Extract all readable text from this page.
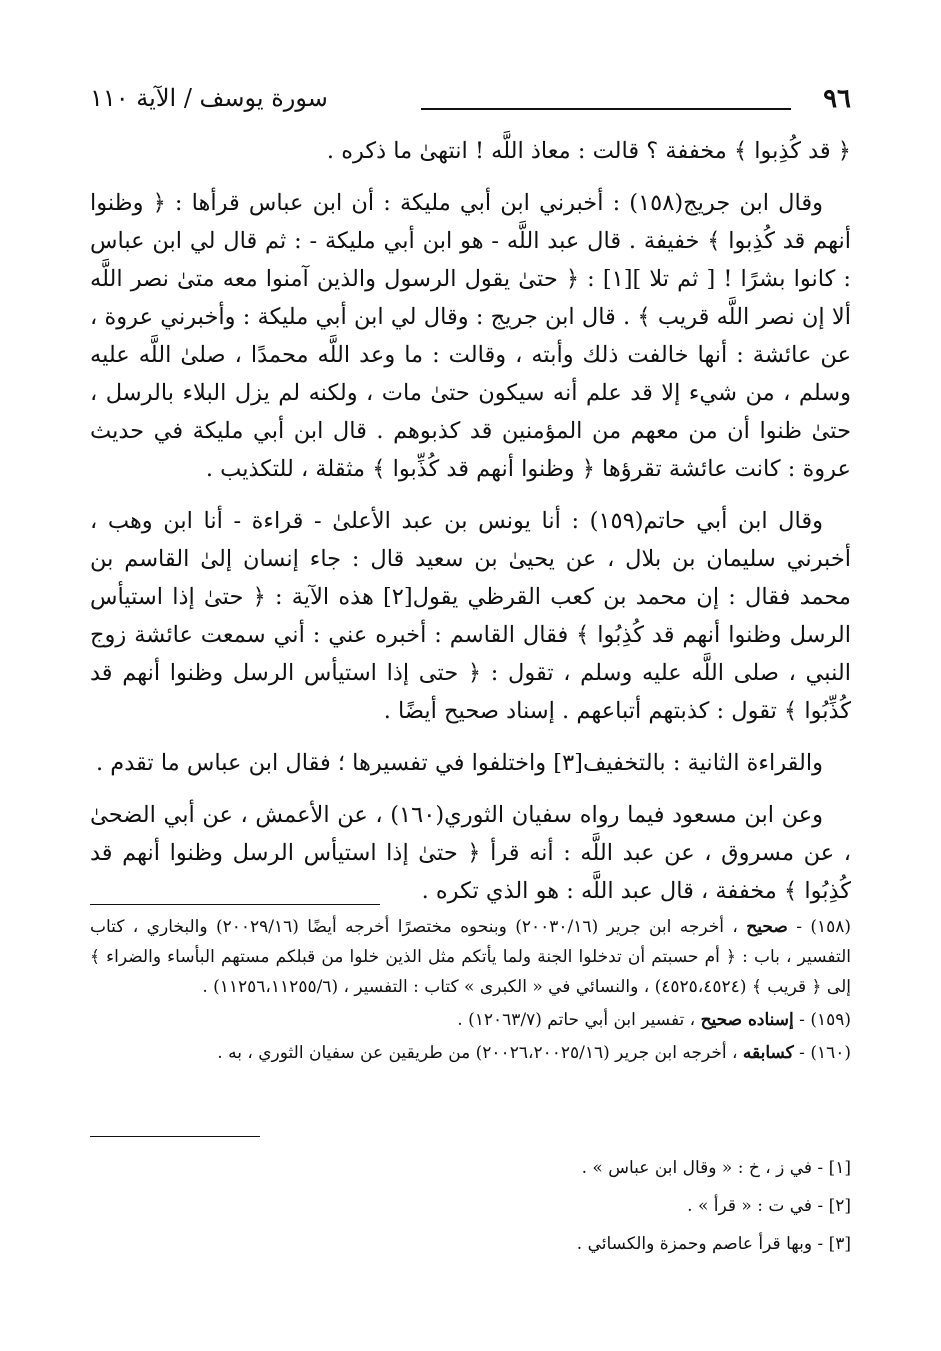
٩٦
سورة يوسف / الآية ١١٠

﴿ قد كُذِبوا ﴾ مخففة ؟ قالت : معاذ اللَّه ! انتهىٰ ما ذكره .

وقال ابن جريج(١٥٨) : أخبرني ابن أبي مليكة : أن ابن عباس قرأها : ﴿ وظنوا أنهم قد كُذِبوا ﴾ خفيفة . قال عبد اللَّه - هو ابن أبي مليكة - : ثم قال لي ابن عباس : كانوا بشرًا ! [ ثم تلا ][١] : ﴿ حتىٰ يقول الرسول والذين آمنوا معه متىٰ نصر اللَّه ألا إن نصر اللَّه قريب ﴾ . قال ابن جريج : وقال لي ابن أبي مليكة : وأخبرني عروة ، عن عائشة : أنها خالفت ذلك وأبته ، وقالت : ما وعد اللَّه محمدًا ، صلىٰ اللَّه عليه وسلم ، من شيء إلا قد علم أنه سيكون حتىٰ مات ، ولكنه لم يزل البلاء بالرسل ، حتىٰ ظنوا أن من معهم من المؤمنين قد كذبوهم . قال ابن أبي مليكة في حديث عروة : كانت عائشة تقرؤها ﴿ وظنوا أنهم قد كُذِّبوا ﴾ مثقلة ، للتكذيب .

وقال ابن أبي حاتم(١٥٩) : أنا يونس بن عبد الأعلىٰ - قراءة - أنا ابن وهب ، أخبرني سليمان بن بلال ، عن يحيىٰ بن سعيد قال : جاء إنسان إلىٰ القاسم بن محمد فقال : إن محمد بن كعب القرظي يقول[٢] هذه الآية : ﴿ حتىٰ إذا استيأس الرسل وظنوا أنهم قد كُذِبُوا ﴾ فقال القاسم : أخبره عني : أني سمعت عائشة زوج النبي ، صلى اللَّه عليه وسلم ، تقول : ﴿ حتى إذا استيأس الرسل وظنوا أنهم قد كُذِّبُوا ﴾ تقول : كذبتهم أتباعهم . إسناد صحيح أيضًا .

والقراءة الثانية : بالتخفيف[٣] واختلفوا في تفسيرها ؛ فقال ابن عباس ما تقدم .

وعن ابن مسعود فيما رواه سفيان الثوري(١٦٠) ، عن الأعمش ، عن أبي الضحىٰ ، عن مسروق ، عن عبد اللَّه : أنه قرأ ﴿ حتىٰ إذا استيأس الرسل وظنوا أنهم قد كُذِبُوا ﴾ مخففة ، قال عبد اللَّه : هو الذي تكره .

(١٥٨) - صحيح ، أخرجه ابن جرير (٢٠٠٣٠/١٦) وبنحوه مختصرًا أخرجه أيضًا (٢٠٠٢٩/١٦) والبخاري ، كتاب التفسير ، باب : ﴿ أم حسبتم أن تدخلوا الجنة ولما يأتكم مثل الذين خلوا من قبلكم مستهم البأساء والضراء ﴾ إلى ﴿ قريب ﴾ (٤٥٢٥،٤٥٢٤) ، والنسائي في « الكبرى » كتاب : التفسير ، (١١٢٥٦،١١٢٥٥/٦) .

(١٥٩) - إسناده صحيح ، تفسير ابن أبي حاتم (١٢٠٦٣/٧) .

(١٦٠) - كسابقه ، أخرجه ابن جرير (٢٠٠٢٦،٢٠٠٢٥/١٦) من طريقين عن سفيان الثوري ، به .

[١] - في ز ، خ : « وقال ابن عباس » .

[٢] - في ت : « قرأ » .

[٣] - وبها قرأ عاصم وحمزة والكسائي .
